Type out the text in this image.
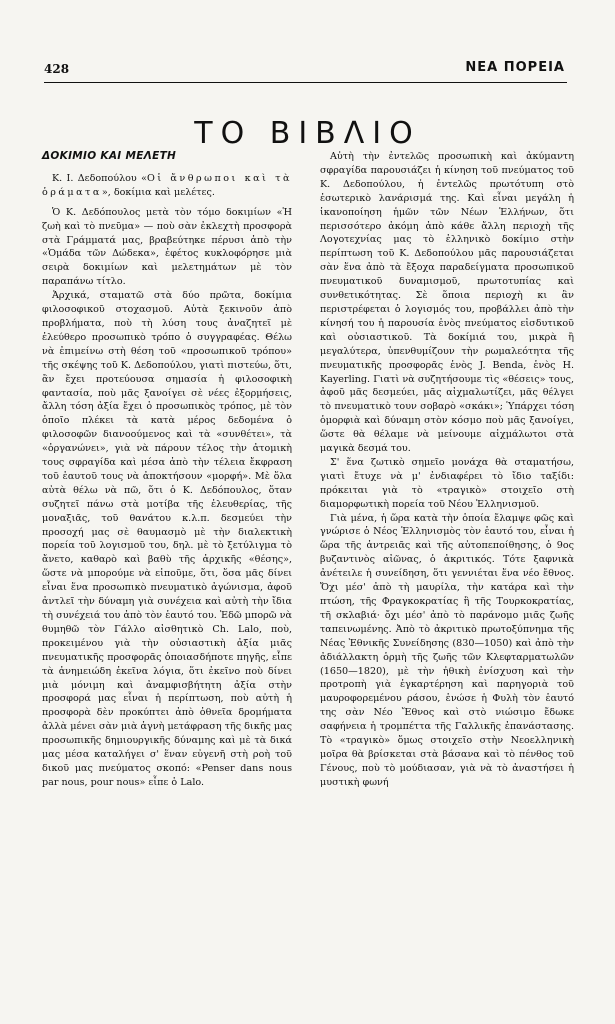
428	ΝΕΑ ΠΟΡΕΙΑ
ΤΟ ΒΙΒΛΙΟ
ΔΟΚΙΜΙΟ ΚΑΙ ΜΕΛΕΤΗ
Κ. Ι. Δεδοπούλου «Οἱ ἄνθρωποι καὶ τὰ ὁράματα», δοκίμια καὶ μελέτες.

Ὁ Κ. Δεδόπουλος μετὰ τὸν τόμο δοκιμίων «Ἡ ζωὴ καὶ τὸ πνεῦμα» — ποὺ σὰν ἐκλεχτὴ προσφορὰ στὰ Γράμματά μας, βραβεύτηκε πέρυσι ἀπὸ τὴν «Ὁμάδα τῶν Δώδεκα», ἐφέτος κυκλοφόρησε μιὰ σειρὰ δοκιμίων καὶ μελετημάτων μὲ τὸν παραπάνω τίτλο.

Ἀρχικά, σταματῶ στὰ δύο πρῶτα, δοκίμια φιλοσοφικοῦ στοχασμοῦ. Αὐτὰ ξεκινοῦν ἀπὸ προβλήματα, ποὺ τὴ λύση τους ἀναζητεῖ μὲ ἐλεύθερο προσωπικὸ τρόπο ὁ συγγραφέας. Θέλω νὰ ἐπιμείνω στὴ θέση τοῦ «προσωπικοῦ τρόπου» τῆς σκέψης τοῦ Κ. Δεδοπούλου, γιατὶ πιστεύω, ὅτι, ἂν ἔχει προτεύουσα σημασία ἡ φιλοσοφικὴ φαντασία, ποὺ μᾶς ξανοίγει σὲ νέες ἐξορμήσεις, ἄλλη τόση ἀξία ἔχει ὁ προσωπικὸς τρόπος, μὲ τὸν ὁποῖο πλέκει τὰ κατὰ μέρος δεδομένα ὁ φιλοσοφῶν διανοούμενος καὶ τὰ «συνθέτει», τὰ «ὀργανώνει», γιὰ νὰ πάρουν τέλος τὴν ἀτομικὴ τους σφραγίδα καὶ μέσα ἀπὸ τὴν τέλεια ἔκφραση τοῦ ἑαυτοῦ τους νὰ ἀποκτήσουν «μορφή». Μὲ ὅλα αὐτὰ θέλω νὰ πῶ, ὅτι ὁ Κ. Δεδόπουλος, ὅταν συζητεῖ πάνω στὰ μοτίβα τῆς ἐλευθερίας, τῆς μοναξιᾶς, τοῦ θανάτου κ.λ.π. δεσμεύει τὴν προσοχή μας σὲ θαυμασμὸ μὲ τὴν διαλεκτικὴ πορεία τοῦ λογισμοῦ του, δηλ. μὲ τὸ ξετύλιγμα τὸ ἄνετο, καθαρὸ καὶ βαθὺ τῆς ἀρχικῆς «θέσης», ὥστε νὰ μπορούμε νὰ εἰποῦμε, ὅτι, ὅσα μᾶς δίνει εἶναι ἕνα προσωπικὸ πνευματικὸ ἀγώνισμα, ἀφοῦ ἀντλεῖ τὴν δύναμη γιὰ συνέχεια καὶ αὐτὴ τὴν ἴδια τὴ συνέχειά του ἀπὸ τὸν ἑαυτό του. Ἐδῶ μπορῶ νὰ θυμηθῶ τὸν Γάλλο αἰσθητικὸ Ch. Lalo, ποὺ, προκειμένου γιὰ τὴν οὐσιαστικὴ ἀξία μιᾶς πνευματικῆς προσφορᾶς ὁποιασδήποτε πηγῆς, εἶπε τὰ ἀνημειώδη ἐκεῖνα λόγια, ὅτι ἐκεῖνο ποὺ δίνει μιὰ μόνιμη καὶ ἀναμφισβήτητη ἀξία στὴν προσφορά μας εἶναι ἡ περίπτωση, ποὺ αὐτὴ ἡ προσφορὰ δὲν προκύπτει ἀπὸ ὀθνεῖα δρομήματα ἀλλὰ μένει σὰν μιὰ ἁγνὴ μετάφραση τῆς δικῆς μας προσωπικῆς δημιουργικῆς δύναμης καὶ μὲ τὰ δικά μας μέσα καταλήγει σ' ἕναν εὐγενῆ στὴ ροὴ τοῦ δικοῦ μας πνεύματος σκοπό: «Penser dans nous par nous, pour nous» εἶπε ὁ Lalo.

Αὐτὴ τὴν ἐντελῶς προσωπικὴ καὶ ἀκύμαντη σφραγίδα παρουσιάζει ἡ κίνηση τοῦ πνεύματος τοῦ Κ. Δεδοπούλου, ἡ ἐντελῶς πρωτότυπη στὸ ἐσωτερικὸ λανάρισμά της. Καὶ εἶναι μεγάλη ἡ ἱκανοποίηση ἡμῶν τῶν Νέων Ἑλλήνων, ὅτι περισσότερο ἀκόμη ἀπὸ κάθε ἄλλη περιοχὴ τῆς Λογοτεχνίας μας τὸ ἑλληνικὸ δοκίμιο στὴν περίπτωση τοῦ Κ. Δεδοπούλου μᾶς παρουσιάζεται σὰν ἕνα ἀπὸ τὰ ἔξοχα παραδείγματα προσωπικοῦ πνευματικοῦ δυναμισμοῦ, πρωτοτυπίας καὶ συνθετικότητας. Σὲ ὅποια περιοχὴ κι ἂν περιστρέφεται ὁ λογισμός του, προβάλλει ἀπὸ τὴν κίνησή του ἡ παρουσία ἑνὸς πνεύματος εἰσδυτικοῦ καὶ οὐσιαστικοῦ. Τὰ δοκίμιά του, μικρὰ ἢ μεγαλύτερα, ὑπενθυμίζουν τὴν ρωμαλεότητα τῆς πνευματικῆς προσφορᾶς ἑνὸς J. Benda, ἑνὸς H. Kayerling. Γιατὶ νὰ συζητήσουμε τὶς «θέσεις» τους, ἀφοῦ μᾶς δεσμεύει, μᾶς αἰχμαλωτίζει, μᾶς θέλγει τὸ πνευματικὸ τουν σοβαρὸ «σκάκι»; Ὑπάρχει τόση ὁμορφιὰ καὶ δύναμη στὸν κόσμο ποὺ μᾶς ξανοίγει, ὥστε θὰ θέλαμε νὰ μείνουμε αἰχμάλωτοι στὰ μαγικὰ δεσμά του.

Σ' ἕνα ζωτικὸ σημεῖο μονάχα θὰ σταματήσω, γιατὶ ἔτυχε νὰ μ' ἐνδιαφέρει τὸ ἴδιο ταξίδι: πρόκειται γιὰ τὸ «τραγικὸ» στοιχεῖο στὴ διαμορφωτικὴ πορεία τοῦ Νέου Ἑλληνισμοῦ.

Γιὰ μένα, ἡ ὥρα κατὰ τὴν ὁποία ἔλαμψε φῶς καὶ γνώρισε ὁ Νέος Ἑλληνισμὸς τὸν ἑαυτό του, εἶναι ἡ ὥρα τῆς ἀντρειᾶς καὶ τῆς αὐτοπεποίθησης, ὁ 9ος βυζαντινὸς αἰῶνας, ὁ ἀκριτικός. Τότε ξαφνικὰ ἀνέτειλε ἡ συνείδηση, ὅτι γεννιέται ἕνα νέο ἔθνος. Ὄχι μέσ' ἀπὸ τὴ μαυρίλα, τὴν κατάρα καὶ τὴν πτώση, τῆς Φραγκοκρατίας ἢ τῆς Τουρκοκρατίας, τῆ σκλαβιά· ὄχι μέσ' ἀπὸ τὸ παράνομο μιᾶς ζωῆς ταπεινωμένης. Ἀπὸ τὸ ἀκριτικὸ πρωτοξύπνημα τῆς Νέας Ἐθνικῆς Συνείδησης (830—1050) καὶ ἀπὸ τὴν ἀδιάλλακτη ὁρμὴ τῆς ζωῆς τῶν Κλεφταρματωλῶν (1650—1820), μὲ τὴν ἠθικὴ ἐνίσχυση καὶ τὴν προτροπὴ γιὰ ἐγκαρτέρηση καὶ παρηγοριὰ τοῦ μαυροφορεμένου ράσου, ἑνώσε ἡ Φυλὴ τὸν ἑαυτό της σὰν Νέο Ἔθνος καὶ στὸ νιώσιμο ἔδωκε σαφήνεια ἡ τρομπέττα τῆς Γαλλικῆς ἐπανάστασης. Τὸ «τραγικὸ» ὅμως στοιχεῖο στὴν Νεοελληνικὴ μοῖρα θὰ βρίσκεται στὰ βάσανα καὶ τὸ πένθος τοῦ Γένους, ποὺ τὸ μούδιασαν, γιὰ νὰ τὸ ἀναστήσει ἡ μυστικὴ φωνή
